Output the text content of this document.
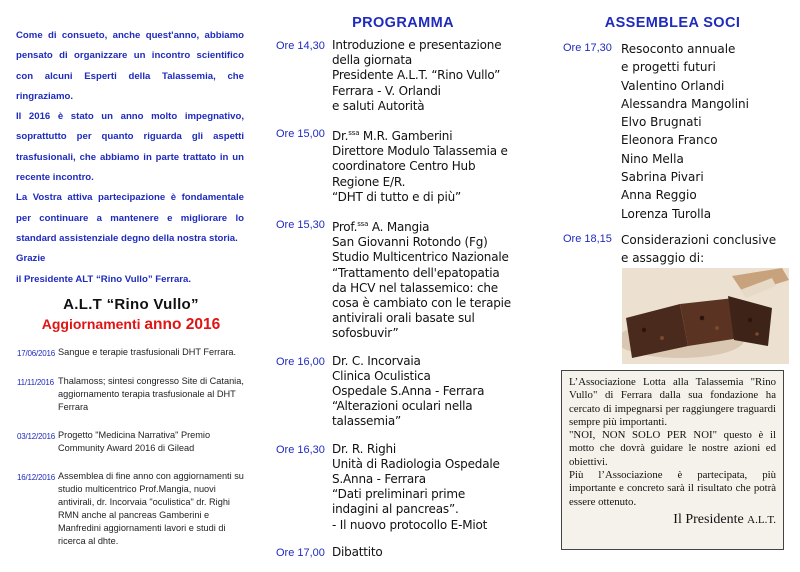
Come di consueto, anche quest'anno, abbiamo pensato di organizzare un incontro scientifico con alcuni Esperti della Talassemia, che ringraziamo.

Il 2016 è stato un anno molto impegnativo, soprattutto per quanto riguarda gli aspetti trasfusionali, che abbiamo in parte trattato in un recente incontro.

La Vostra attiva partecipazione è fondamentale per continuare a mantenere e migliorare lo standard assistenziale degno della nostra storia.

Grazie

il Presidente ALT “Rino Vullo” Ferrara.

A.L.T “Rino Vullo”
Aggiornamenti anno 2016
17/06/2016 Sangue e terapie trasfusionali DHT Ferrara.
11/11/2016 Thalamoss; sintesi congresso Site di Catania, aggiornamento terapia trasfusionale al DHT Ferrara
03/12/2016 Progetto "Medicina Narrativa" Premio Community Award 2016 di Gilead
16/12/2016 Assemblea di fine anno con aggiornamenti su studio multicentrico Prof.Mangia, nuovi antivirali, dr. Incorvaia "oculistica" dr. Righi RMN anche al pancreas Gamberini e Manfredini aggiornamenti lavori e studi di ricerca al dhte.
PROGRAMMA
Ore 14,30 Introduzione e presentazione
della giornata
Presidente A.L.T. “Rino Vullo”
Ferrara - V. Orlandi
e saluti Autorità
Ore 15,00 Dr.$^{ssa}$ M.R. Gamberini
Direttore Modulo Talassemia e
coordinatore Centro Hub
Regione E/R.
“DHT di tutto e di più”
Ore 15,30 Prof.$^{ssa}$ A. Mangia
San Giovanni Rotondo (Fg)
Studio Multicentrico Nazionale
“Trattamento dell'epatopatia
da HCV nel talassemico: che
cosa è cambiato con le terapie
antivirali orali basate sul
sofosbuvir”
Ore 16,00 Dr. C. Incorvaia
Clinica Oculistica
Ospedale S.Anna - Ferrara
“Alterazioni oculari nella
talassemia”
Ore 16,30 Dr. R. Righi
Unità di Radiologia Ospedale
S.Anna - Ferrara
“Dati preliminari prime
indagini al pancreas”.
- Il nuovo protocollo E-Miot
Ore 17,00 Dibattito
ASSEMBLEA SOCI
Ore 17,30 Resoconto annuale
e progetti futuri
Valentino Orlandi
Alessandra Mangolini
Elvo Brugnati
Eleonora Franco
Nino Mella
Sabrina Pivari
Anna Reggio
Lorenza Turolla
Ore 18,15 Considerazioni conclusive
e assaggio di:

L’Associazione Lotta alla Talassemia "Rino Vullo" di Ferrara dalla sua fondazione ha cercato di impegnarsi per raggiungere traguardi sempre più importanti.

"NOI, NON SOLO PER NOI" questo è il motto che dovrà guidare le nostre azioni ed obiettivi.

Più l’Associazione è partecipata, più importante e concreto sarà il risultato che potrà essere ottenuto.

Il Presidente A.L.T.
